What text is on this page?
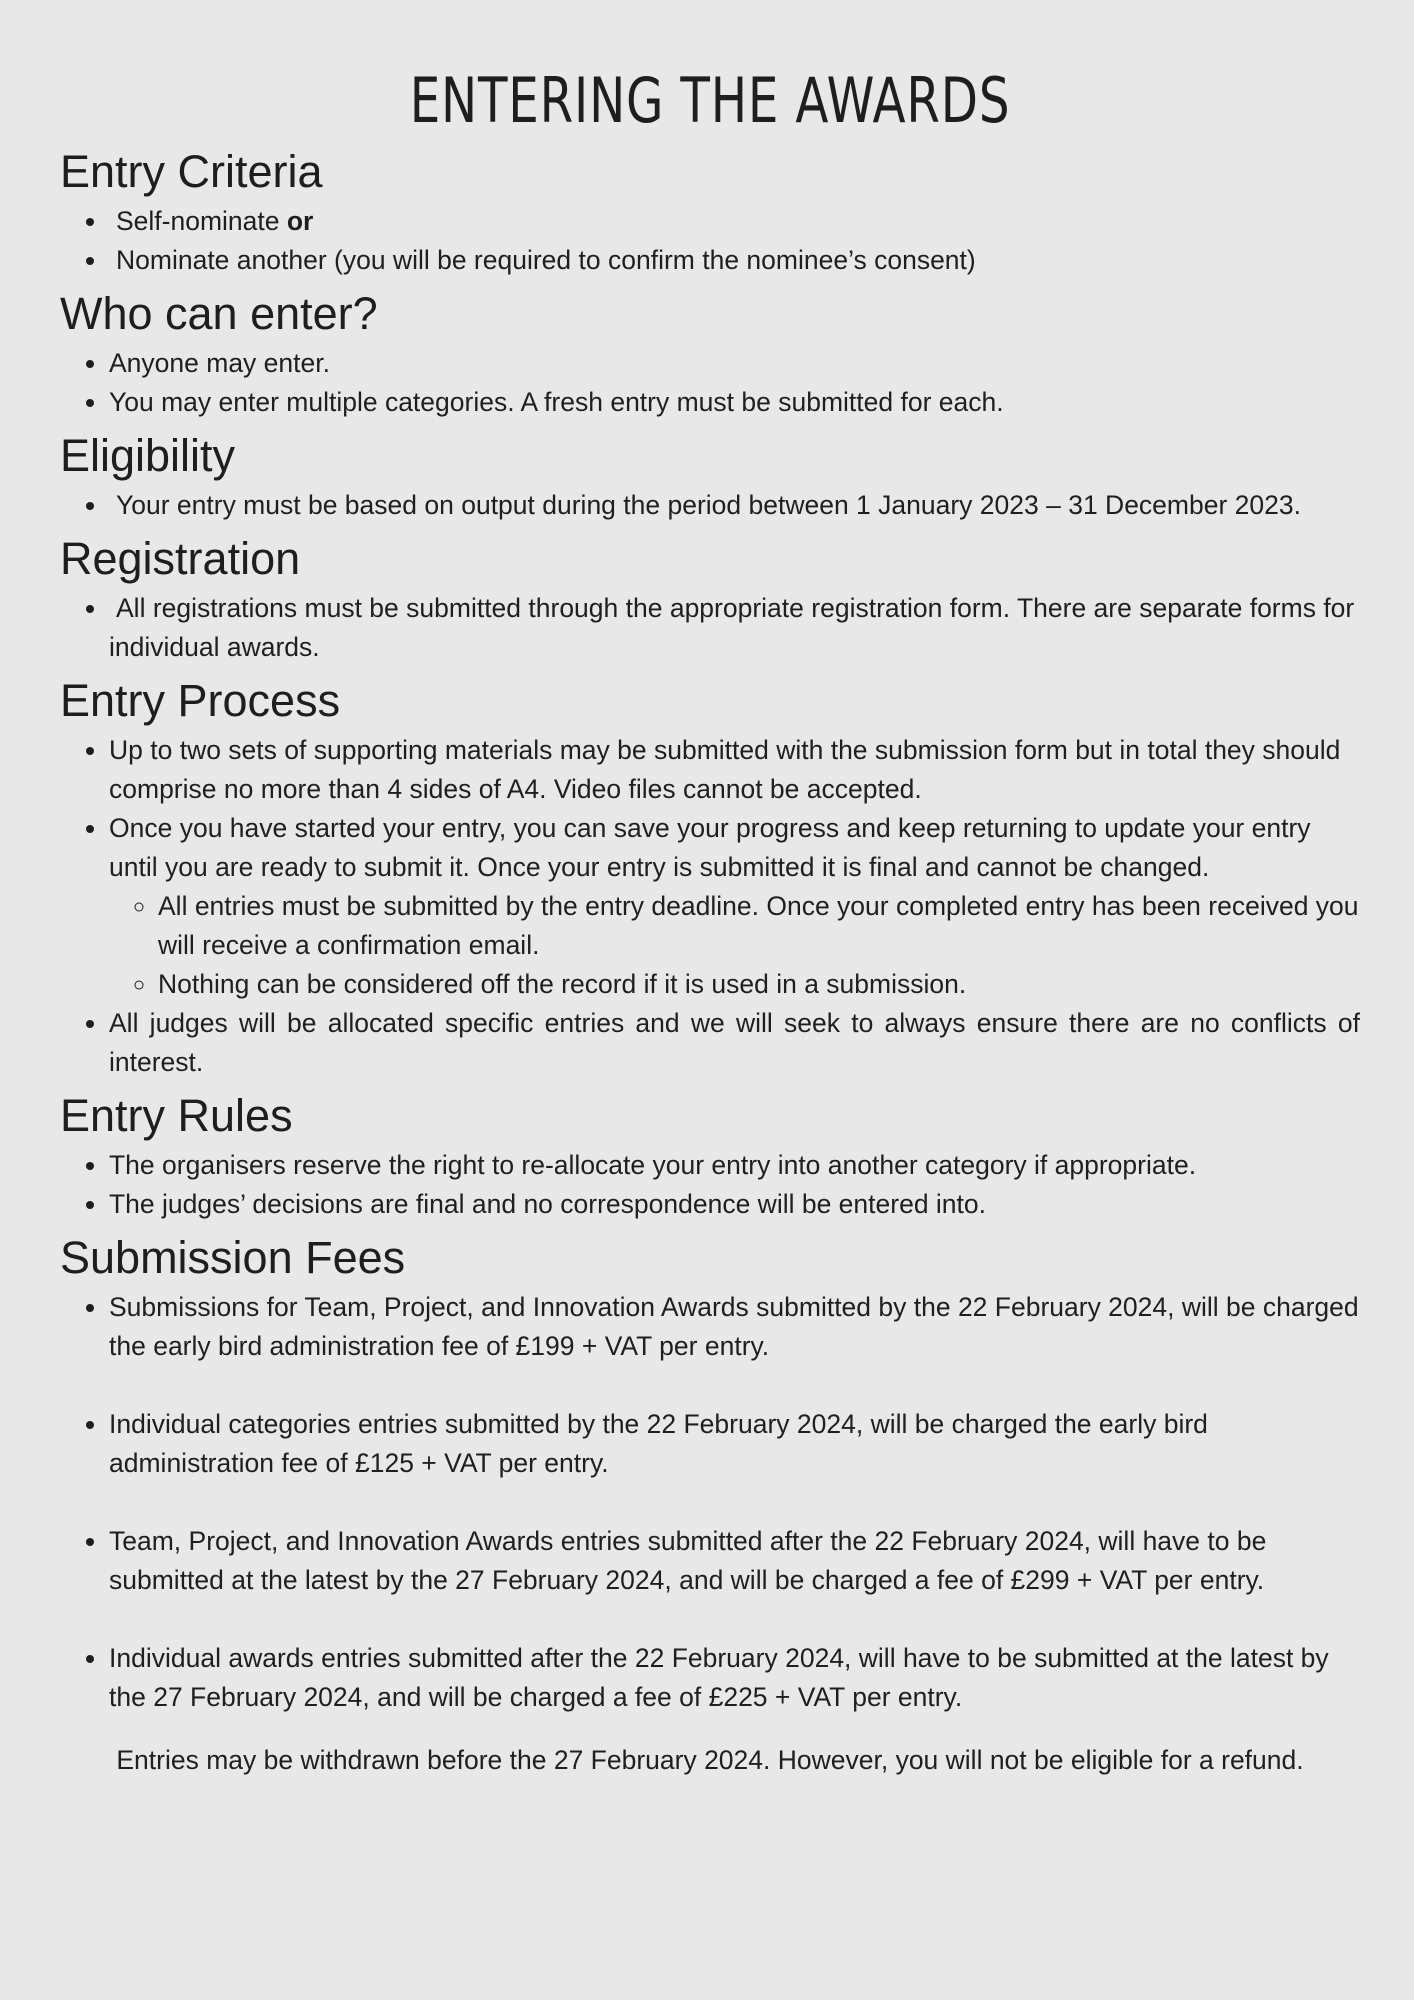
ENTERING THE AWARDS
Entry Criteria
• Self-nominate or
• Nominate another (you will be required to confirm the nominee’s consent)
Who can enter?
• Anyone may enter.
• You may enter multiple categories. A fresh entry must be submitted for each.
Eligibility
• Your entry must be based on output during the period between 1 January 2023 – 31 December 2023.
Registration
• All registrations must be submitted through the appropriate registration form. There are separate forms for individual awards.
Entry Process
• Up to two sets of supporting materials may be submitted with the submission form but in total they should comprise no more than 4 sides of A4. Video files cannot be accepted.
• Once you have started your entry, you can save your progress and keep returning to update your entry until you are ready to submit it. Once your entry is submitted it is final and cannot be changed.
◦ All entries must be submitted by the entry deadline. Once your completed entry has been received you will receive a confirmation email.
◦ Nothing can be considered off the record if it is used in a submission.
• All judges will be allocated specific entries and we will seek to always ensure there are no conflicts of interest.
Entry Rules
• The organisers reserve the right to re-allocate your entry into another category if appropriate.
• The judges’ decisions are final and no correspondence will be entered into.
Submission Fees
• Submissions for Team, Project, and Innovation Awards submitted by the 22 February 2024, will be charged the early bird administration fee of £199 + VAT per entry.
• Individual categories entries submitted by the 22 February 2024, will be charged the early bird administration fee of £125 + VAT per entry.
• Team, Project, and Innovation Awards entries submitted after the 22 February 2024, will have to be submitted at the latest by the 27 February 2024, and will be charged a fee of £299 + VAT per entry.
• Individual awards entries submitted after the 22 February 2024, will have to be submitted at the latest by the 27 February 2024, and will be charged a fee of £225 + VAT per entry.

Entries may be withdrawn before the 27 February 2024. However, you will not be eligible for a refund.
